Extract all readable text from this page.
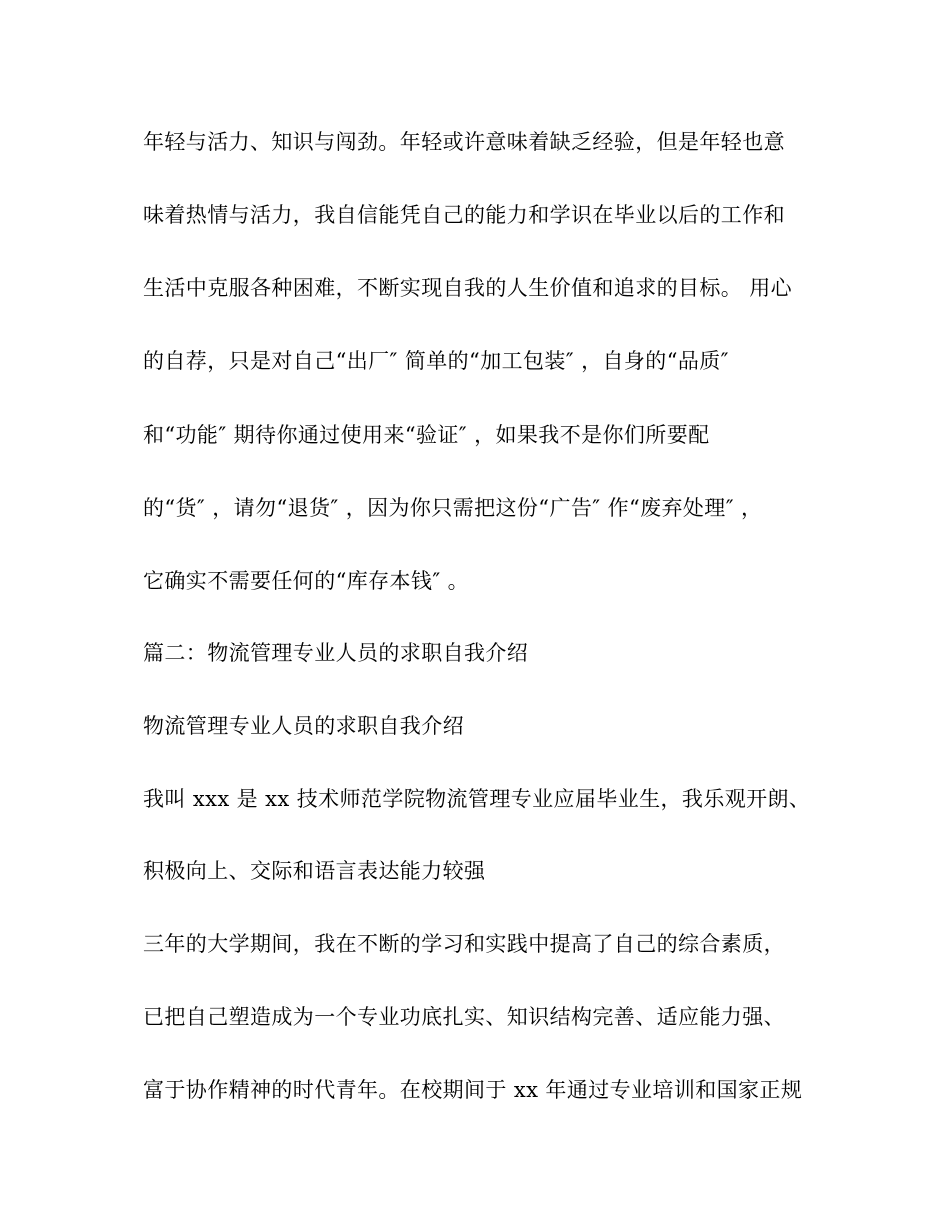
年轻与活力、知识与闯劲。年轻或许意味着缺乏经验，但是年轻也意
味着热情与活力，我自信能凭自己的能力和学识在毕业以后的工作和
生活中克服各种困难，不断实现自我的人生价值和追求的目标。 用心
的自荐，只是对自己“出厂″ 简单的“加工包装″ ，自身的“品质″
和“功能″ 期待你通过使用来“验证″ ，如果我不是你们所要配
的“货″ ，请勿“退货″ ，因为你只需把这份“广告″ 作“废弃处理″ ，
它确实不需要任何的“库存本钱″ 。
篇二：物流管理专业人员的求职自我介绍
物流管理专业人员的求职自我介绍
我叫 xxx 是 xx 技术师范学院物流管理专业应届毕业生，我乐观开朗、
积极向上、交际和语言表达能力较强
三年的大学期间，我在不断的学习和实践中提高了自己的综合素质，
已把自己塑造成为一个专业功底扎实、知识结构完善、适应能力强、
富于协作精神的时代青年。在校期间于 xx 年通过专业培训和国家正规
